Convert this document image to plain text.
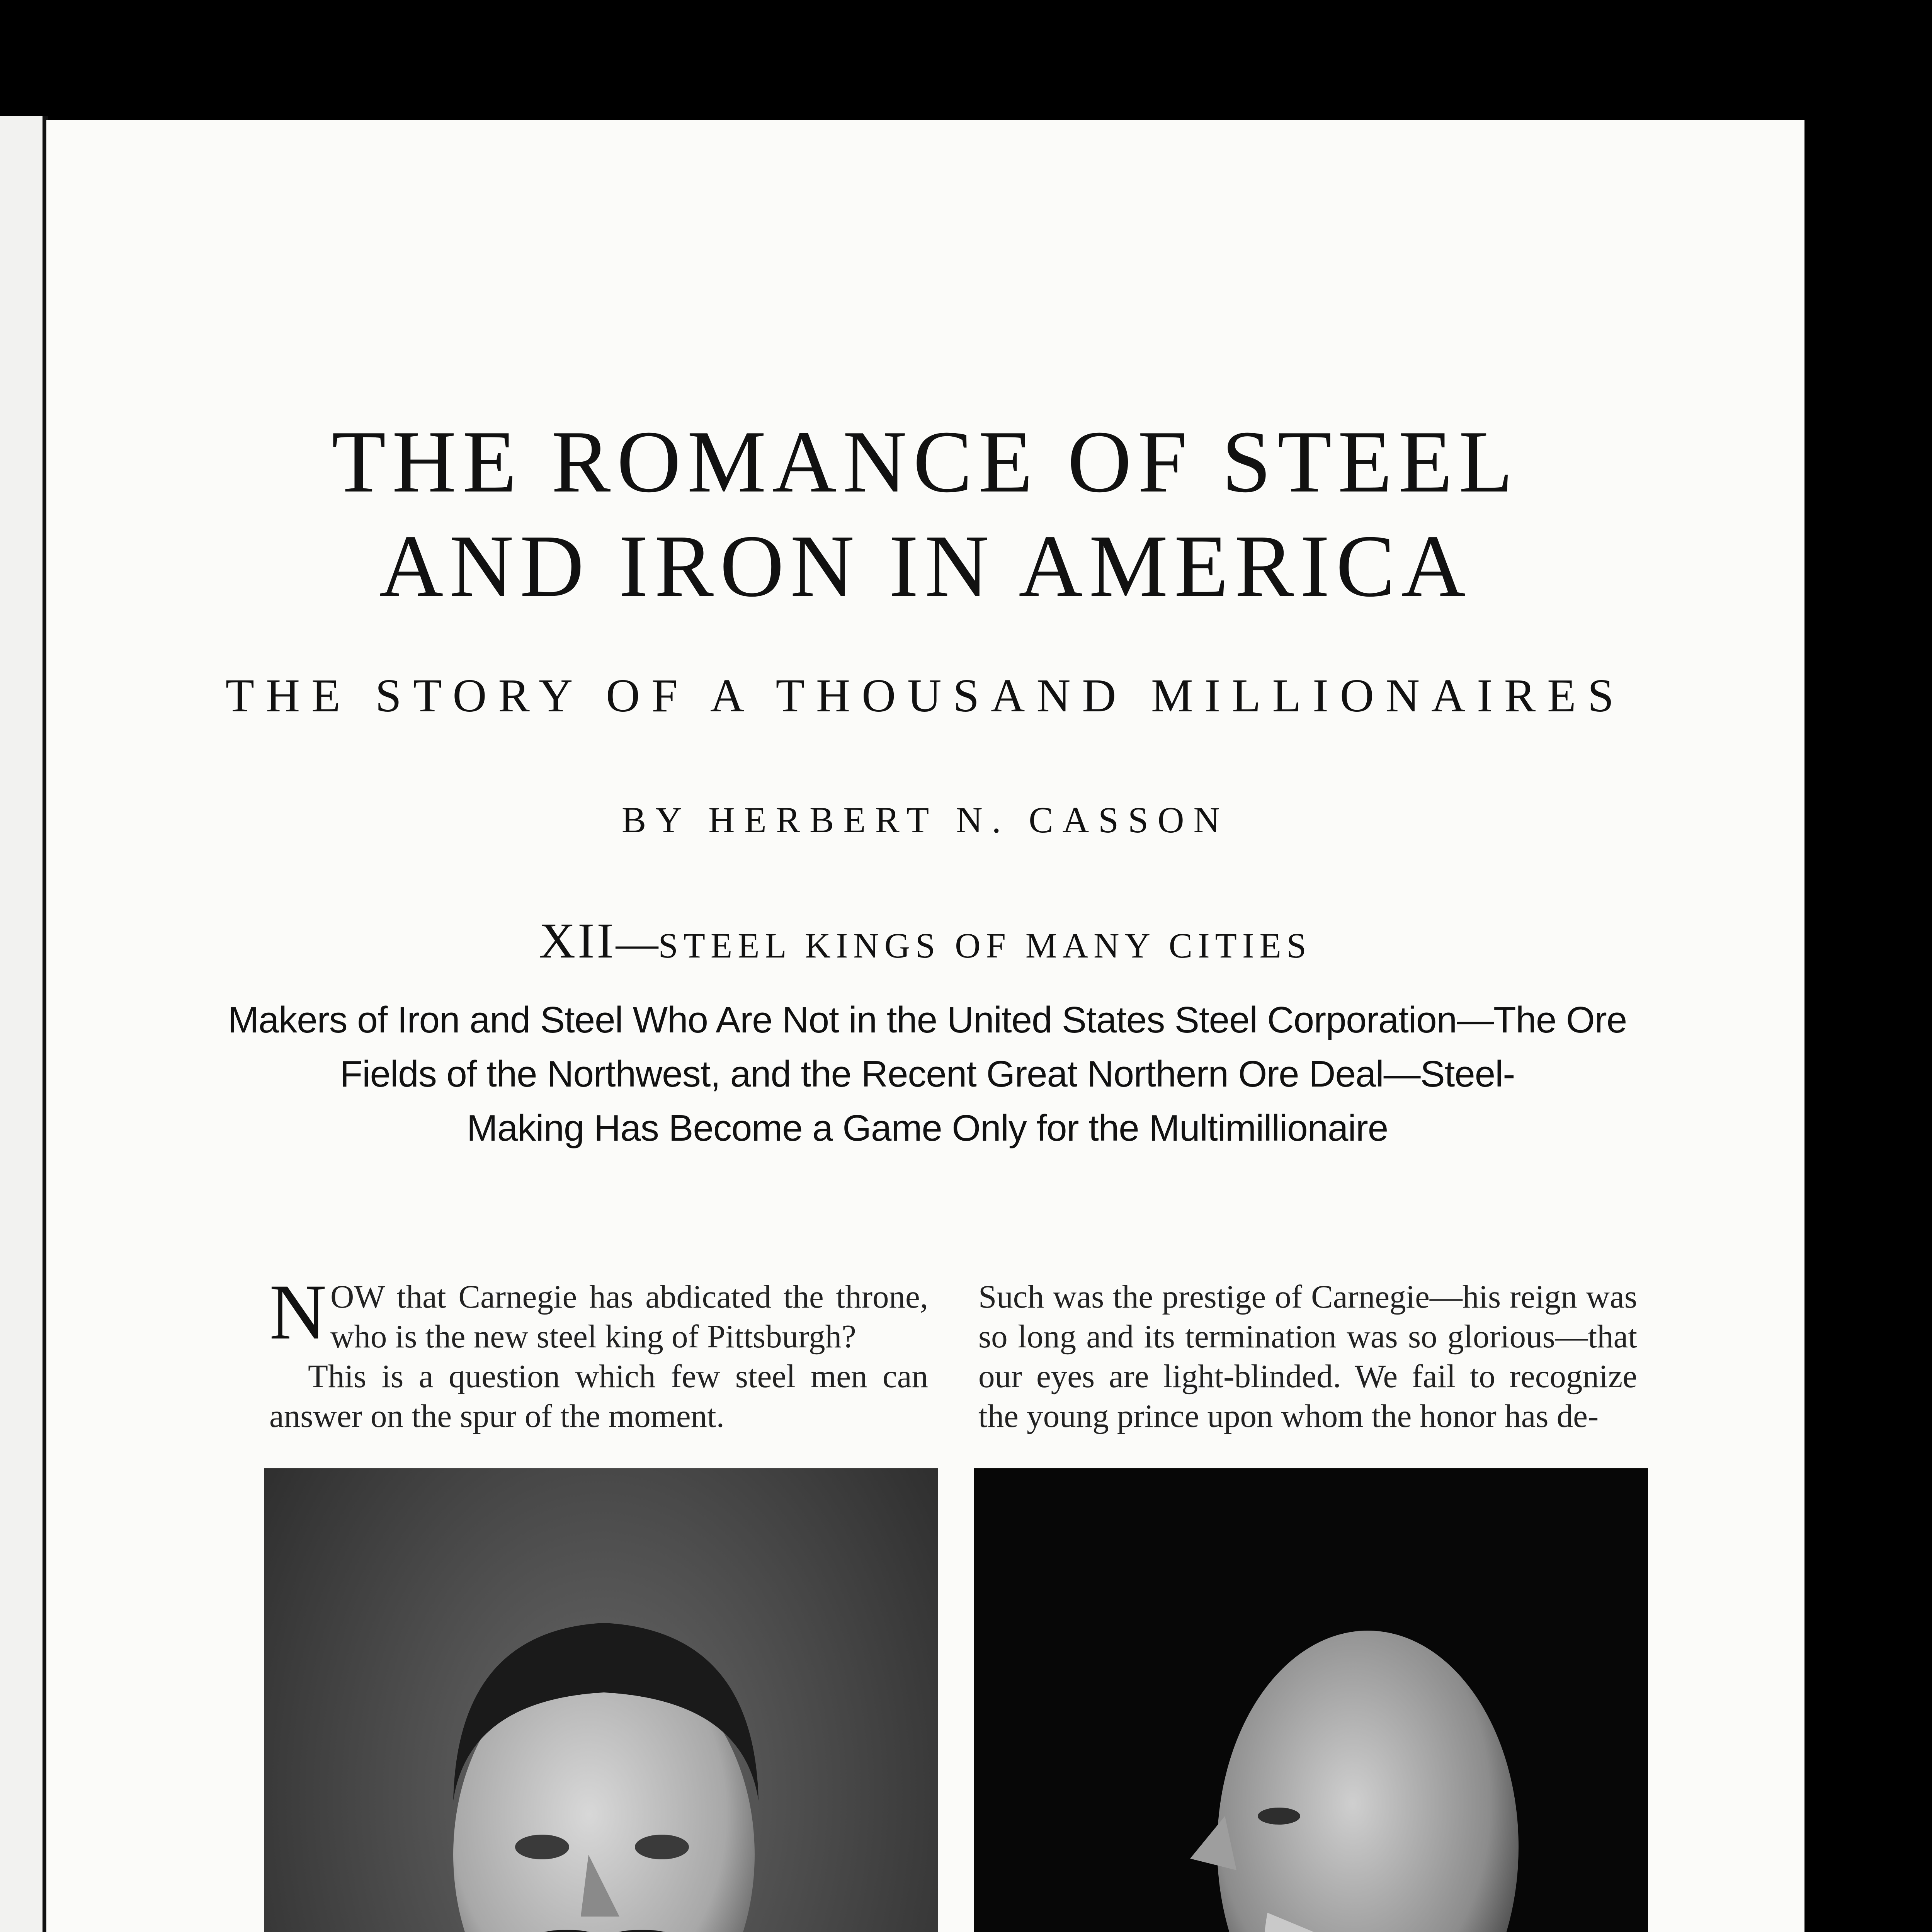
THE ROMANCE OF STEEL
AND IRON IN AMERICA
THE STORY OF A THOUSAND MILLIONAIRES
BY HERBERT N. CASSON
XII—STEEL KINGS OF MANY CITIES
Makers of Iron and Steel Who Are Not in the United States Steel Corporation—The Ore
Fields of the Northwest, and the Recent Great Northern Ore Deal—Steel-
Making Has Become a Game Only for the Multimillionaire

NOW that Carnegie has abdicated the throne, who is the new steel king of Pittsburgh?

This is a question which few steel men can answer on the spur of the moment.

Such was the prestige of Carnegie—his reign was so long and its termination was so glorious—that our eyes are light-blinded. We fail to recognize the young prince upon whom the honor has de-
